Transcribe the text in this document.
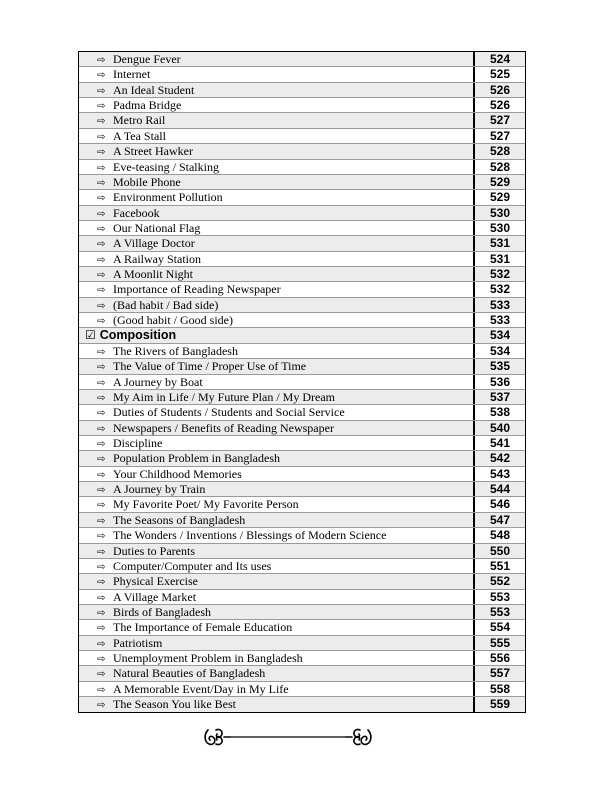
⇨ Dengue Fever	524
⇨ Internet	525
⇨ An Ideal Student	526
⇨ Padma Bridge	526
⇨ Metro Rail	527
⇨ A Tea Stall	527
⇨ A Street Hawker	528
⇨ Eve-teasing / Stalking	528
⇨ Mobile Phone	529
⇨ Environment Pollution	529
⇨ Facebook	530
⇨ Our National Flag	530
⇨ A Village Doctor	531
⇨ A Railway Station	531
⇨ A Moonlit Night	532
⇨ Importance of Reading Newspaper	532
⇨ (Bad habit / Bad side)	533
⇨ (Good habit / Good side)	533
☑ Composition	534
⇨ The Rivers of Bangladesh	534
⇨ The Value of Time / Proper Use of Time	535
⇨ A Journey by Boat	536
⇨ My Aim in Life / My Future Plan / My Dream	537
⇨ Duties of Students / Students and Social Service	538
⇨ Newspapers / Benefits of Reading Newspaper	540
⇨ Discipline	541
⇨ Population Problem in Bangladesh	542
⇨ Your Childhood Memories	543
⇨ A Journey by Train	544
⇨ My Favorite Poet/ My Favorite Person	546
⇨ The Seasons of Bangladesh	547
⇨ The Wonders / Inventions / Blessings of Modern Science	548
⇨ Duties to Parents	550
⇨ Computer/Computer and Its uses	551
⇨ Physical Exercise	552
⇨ A Village Market	553
⇨ Birds of Bangladesh	553
⇨ The Importance of Female Education	554
⇨ Patriotism	555
⇨ Unemployment Problem in Bangladesh	556
⇨ Natural Beauties of Bangladesh	557
⇨ A Memorable Event/Day in My Life	558
⇨ The Season You like Best	559
